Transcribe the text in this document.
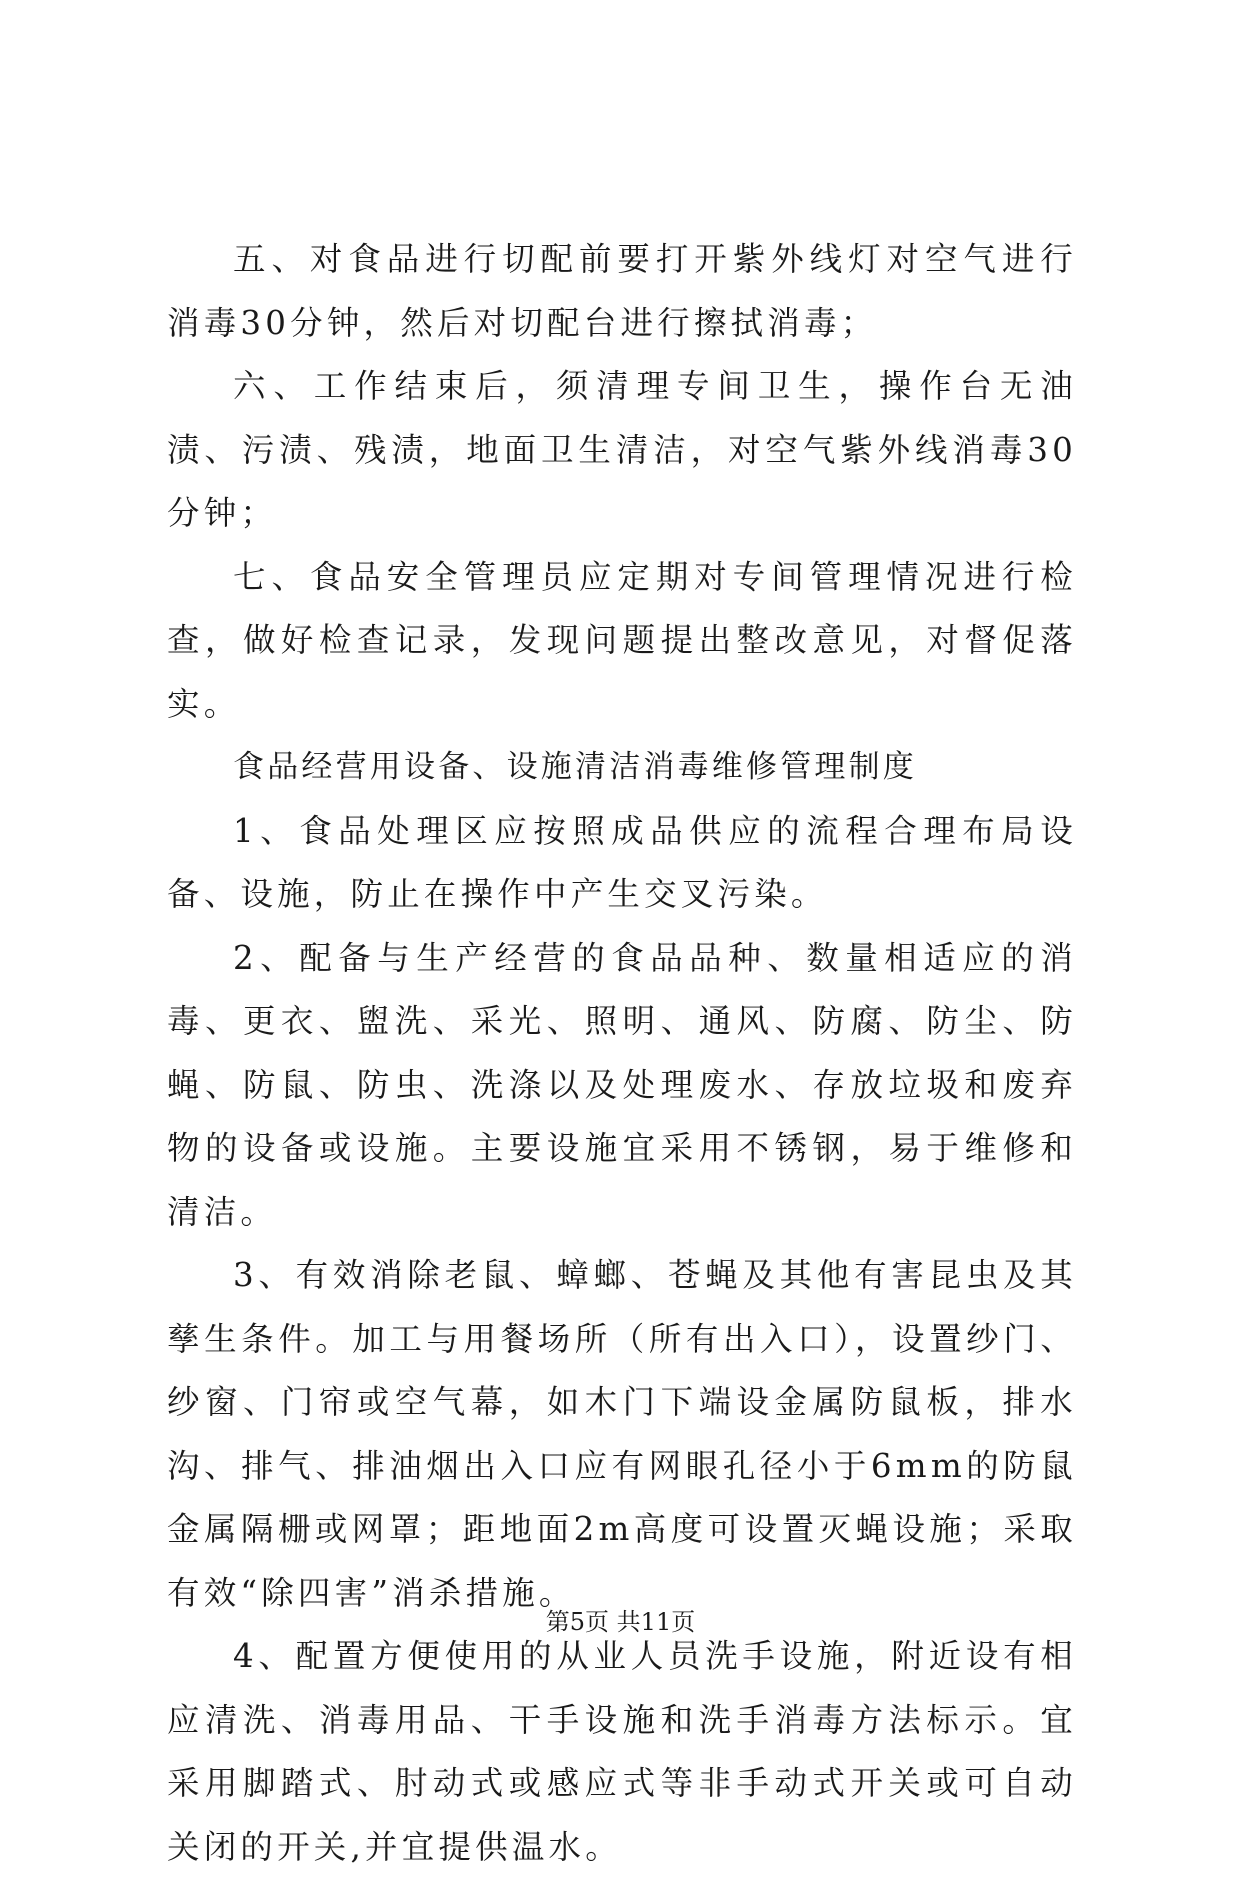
五、对食品进行切配前要打开紫外线灯对空气进行消毒30分钟，然后对切配台进行擦拭消毒；

六、工作结束后，须清理专间卫生，操作台无油渍、污渍、残渍，地面卫生清洁，对空气紫外线消毒30分钟；

七、食品安全管理员应定期对专间管理情况进行检查，做好检查记录，发现问题提出整改意见，对督促落实。

食品经营用设备、设施清洁消毒维修管理制度

1、食品处理区应按照成品供应的流程合理布局设备、设施，防止在操作中产生交叉污染。

2、配备与生产经营的食品品种、数量相适应的消毒、更衣、盥洗、采光、照明、通风、防腐、防尘、防蝇、防鼠、防虫、洗涤以及处理废水、存放垃圾和废弃物的设备或设施。主要设施宜采用不锈钢，易于维修和清洁。

3、有效消除老鼠、蟑螂、苍蝇及其他有害昆虫及其孳生条件。加工与用餐场所（所有出入口），设置纱门、纱窗、门帘或空气幕，如木门下端设金属防鼠板，排水沟、排气、排油烟出入口应有网眼孔径小于6mm的防鼠金属隔栅或网罩；距地面2m高度可设置灭蝇设施；采取有效“除四害”消杀措施。

4、配置方便使用的从业人员洗手设施，附近设有相应清洗、消毒用品、干手设施和洗手消毒方法标示。宜采用脚踏式、肘动式或感应式等非手动式开关或可自动关闭的开关,并宜提供温水。

第5页 共11页
